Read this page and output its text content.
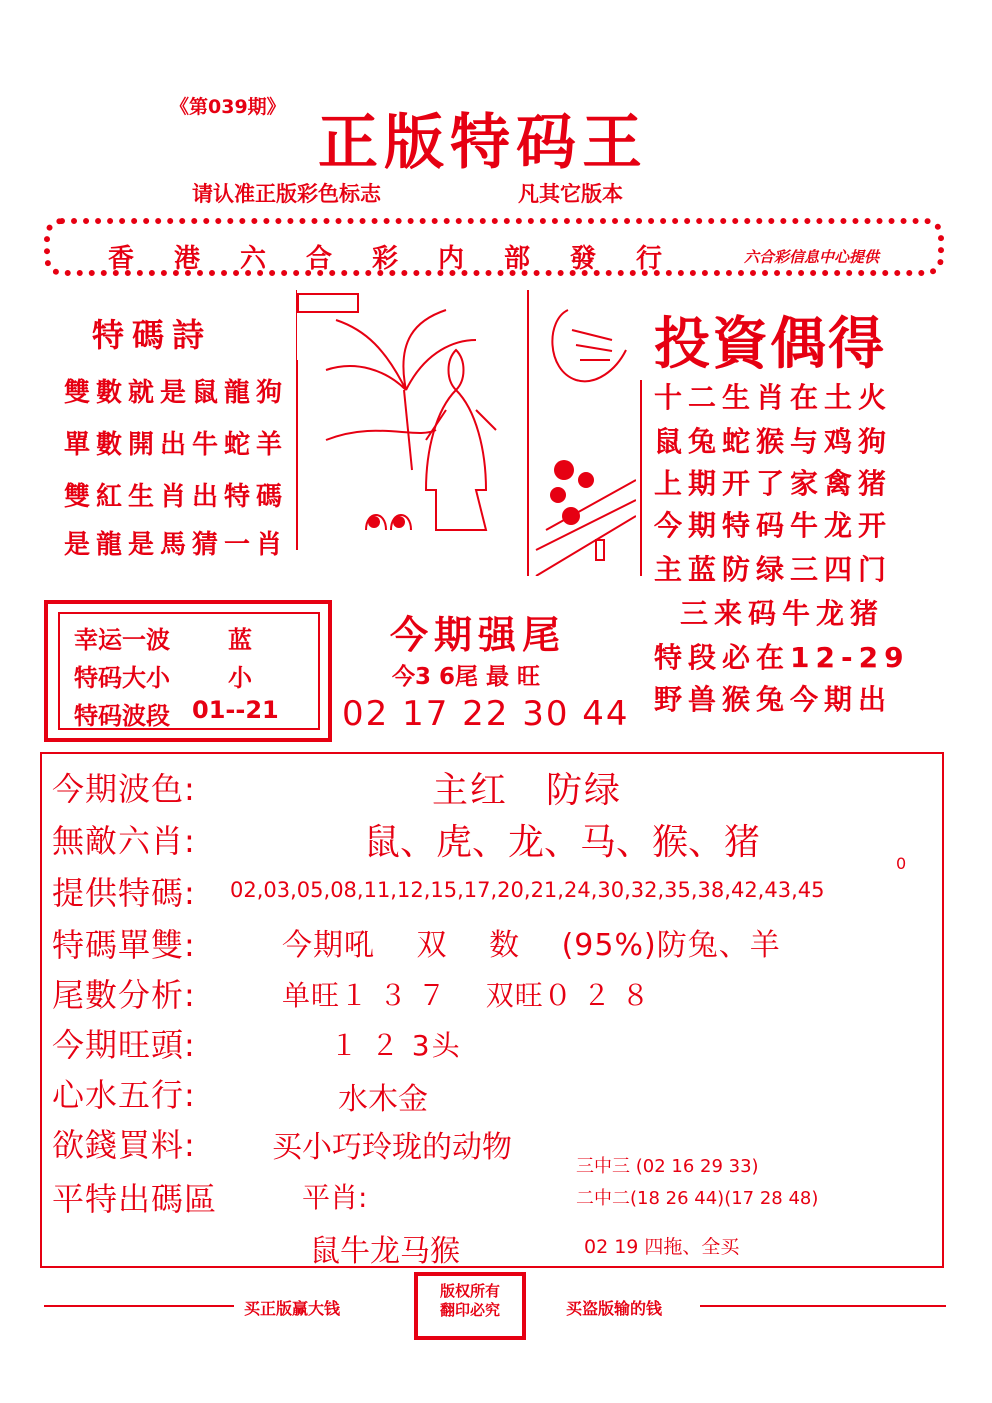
《第039期》
正版特码王
请认准正版彩色标志	凡其它版本
香港六合彩内部發行	六合彩信息中心提供
特碼詩
雙數就是鼠龍狗
單數開出牛蛇羊
雙紅生肖出特碼
是龍是馬猜一肖
投資偶得
十二生肖在土火
鼠兔蛇猴与鸡狗
上期开了家禽猪
今期特码牛龙开
主蓝防绿三四门
三来码牛龙猪
特段必在12-29
野兽猴兔今期出
幸运一波 蓝
特码大小 小
特码波段 01--21
今期强尾
今3 6尾 最 旺
02 17 22 30 44
今期波色:	主红　防绿
無敵六肖:	鼠、虎、龙、马、猴、猪
提供特碼: 02,03,05,08,11,12,15,17,20,21,24,30,32,35,38,42,43,45
0
特碼單雙:	今期吼　 双　 数　 (95%)防兔、羊
尾數分析:	单旺１ ３ ７　 双旺０ ２ ８
今期旺頭:	１ ２ 3头
心水五行:	水木金
欲錢買料:	买小巧玲珑的动物
平特出碼區	平肖:
鼠牛龙马猴
三中三 (02 16 29 33)
二中二(18 26 44)(17 28 48)
02 19 四拖、全买
买正版赢大钱
版权所有
翻印必究	买盗版输的钱
